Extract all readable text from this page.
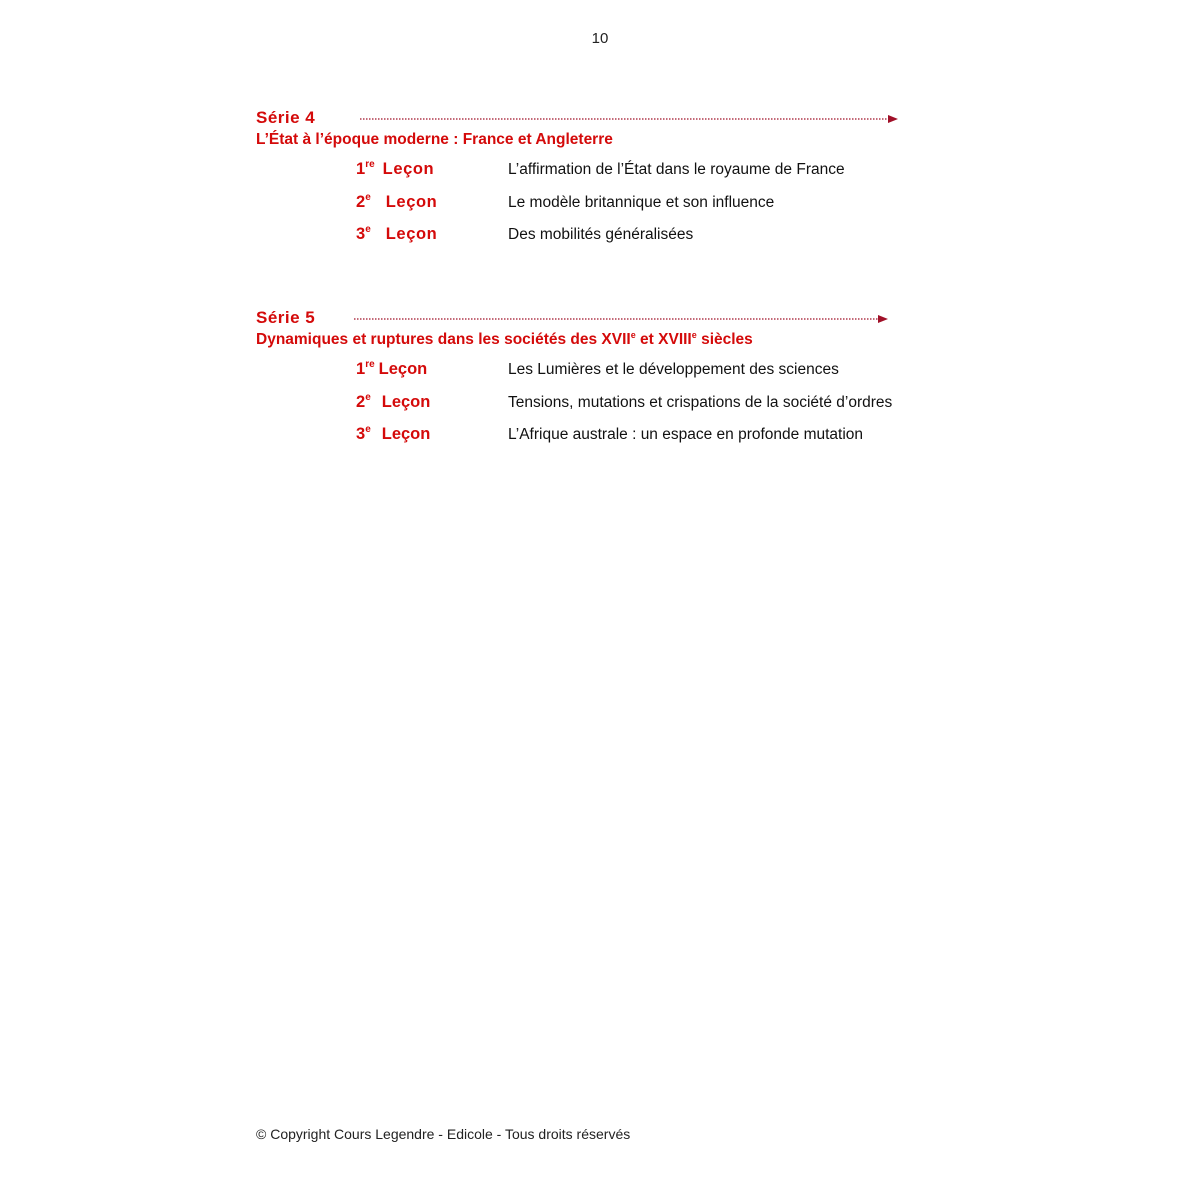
10
Série 4
L’État à l’époque moderne : France et Angleterre
1re Leçon	L’affirmation de l’État dans le royaume de France
2e Leçon	Le modèle britannique et son influence
3e Leçon	Des mobilités généralisées
Série 5
Dynamiques et ruptures dans les sociétés des XVIIe et XVIIIe siècles
1re Leçon	Les Lumières et le développement des sciences
2e Leçon	Tensions, mutations et crispations de la société d’ordres
3e Leçon	L’Afrique australe : un espace en profonde mutation
© Copyright Cours Legendre - Edicole - Tous droits réservés
